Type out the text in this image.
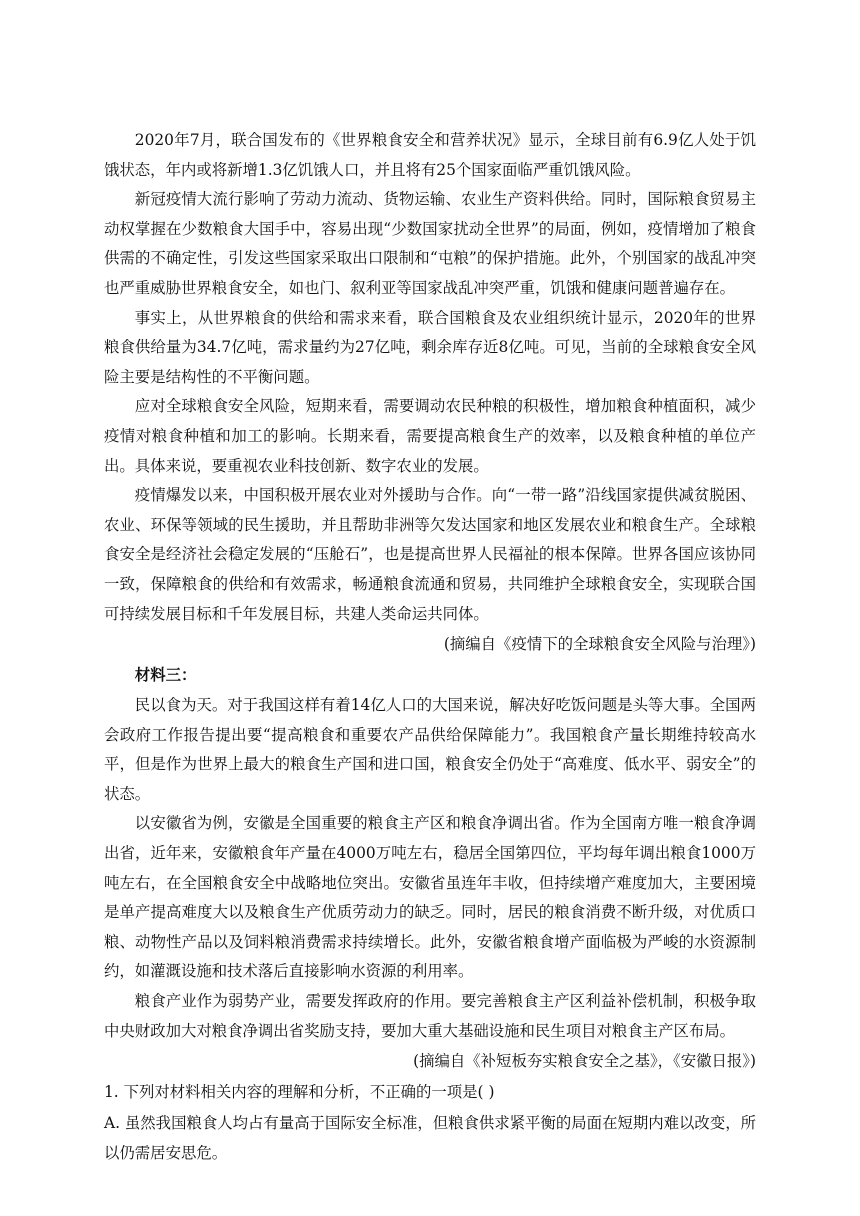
2020年7月，联合国发布的《世界粮食安全和营养状况》显示，全球目前有6.9亿人处于饥饿状态，年内或将新增1.3亿饥饿人口，并且将有25个国家面临严重饥饿风险。

新冠疫情大流行影响了劳动力流动、货物运输、农业生产资料供给。同时，国际粮食贸易主动权掌握在少数粮食大国手中，容易出现“少数国家扰动全世界”的局面，例如，疫情增加了粮食供需的不确定性，引发这些国家采取出口限制和“屯粮”的保护措施。此外，个别国家的战乱冲突也严重威胁世界粮食安全，如也门、叙利亚等国家战乱冲突严重，饥饿和健康问题普遍存在。

事实上，从世界粮食的供给和需求来看，联合国粮食及农业组织统计显示，2020年的世界粮食供给量为34.7亿吨，需求量约为27亿吨，剩余库存近8亿吨。可见，当前的全球粮食安全风险主要是结构性的不平衡问题。

应对全球粮食安全风险，短期来看，需要调动农民种粮的积极性，增加粮食种植面积，减少疫情对粮食种植和加工的影响。长期来看，需要提高粮食生产的效率，以及粮食种植的单位产出。具体来说，要重视农业科技创新、数字农业的发展。

疫情爆发以来，中国积极开展农业对外援助与合作。向“一带一路”沿线国家提供减贫脱困、农业、环保等领域的民生援助，并且帮助非洲等欠发达国家和地区发展农业和粮食生产。全球粮食安全是经济社会稳定发展的“压舱石”，也是提高世界人民福祉的根本保障。世界各国应该协同一致，保障粮食的供给和有效需求，畅通粮食流通和贸易，共同维护全球粮食安全，实现联合国可持续发展目标和千年发展目标，共建人类命运共同体。

(摘编自《疫情下的全球粮食安全风险与治理》)

材料三：

民以食为天。对于我国这样有着14亿人口的大国来说，解决好吃饭问题是头等大事。全国两会政府工作报告提出要“提高粮食和重要农产品供给保障能力”。我国粮食产量长期维持较高水平，但是作为世界上最大的粮食生产国和进口国，粮食安全仍处于“高难度、低水平、弱安全”的状态。

以安徽省为例，安徽是全国重要的粮食主产区和粮食净调出省。作为全国南方唯一粮食净调出省，近年来，安徽粮食年产量在4000万吨左右，稳居全国第四位，平均每年调出粮食1000万吨左右，在全国粮食安全中战略地位突出。安徽省虽连年丰收，但持续增产难度加大，主要困境是单产提高难度大以及粮食生产优质劳动力的缺乏。同时，居民的粮食消费不断升级，对优质口粮、动物性产品以及饲料粮消费需求持续增长。此外，安徽省粮食增产面临极为严峻的水资源制约，如灌溉设施和技术落后直接影响水资源的利用率。

粮食产业作为弱势产业，需要发挥政府的作用。要完善粮食主产区利益补偿机制，积极争取中央财政加大对粮食净调出省奖励支持，要加大重大基础设施和民生项目对粮食主产区布局。

(摘编自《补短板夯实粮食安全之基》，《安徽日报》)

1. 下列对材料相关内容的理解和分析，不正确的一项是( )

A. 虽然我国粮食人均占有量高于国际安全标准，但粮食供求紧平衡的局面在短期内难以改变，所以仍需居安思危。
